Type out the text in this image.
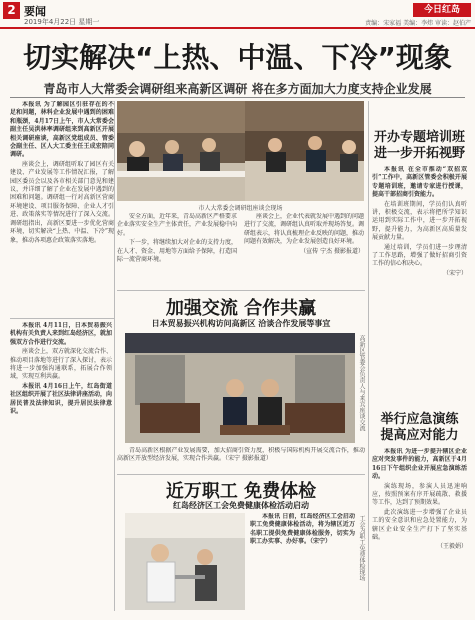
2 要闻
2019年4月22日 星期一
今日红岛
责编：宋家福 美编：李炜 审读：赵伯产
切实解决“上热、中温、下冷”现象
青岛市人大常委会调研组来高新区调研 将在多方面加大力度支持企业发展

本报讯 为了解园区引驻存在的不足和问题，林科企业发展中遇到的困难和瓶颈，4月17日上午，市人大常委会副主任吴洪林率调研组来到高新区开展相关调研座谈，高新区党组成员、管委会副主任、区人大工委主任王成宏陪同调研。

座谈会上，调研组听取了园区有关建设、产业发展等工作情况汇报，了解园区委员会以及各市相关部门意见和建议，并详细了解了企业在发展中遇到的困难和问题。调研组一行对高新区营商环境建设、项目服务保障、企业人才引进、政策落实等情况进行了深入交流。调研组指出，高新区要进一步优化营商环境，切实解决“上热、中温、下冷”现象，推动各项惠企政策落实落地。

市人大常委会调研组座谈会现场

安全方面，近年来，青岛高新区严格要求企业落实安全生产主体责任，产业发展稳中向好。

下一步，将继续加大对企业的支持力度，在人才、资金、用地等方面给予保障，打造国际一流营商环境。

座谈会上，企业代表就发展中遇到的问题进行了交流，调研组认真听取并现场答复。调研组表示，将认真梳理企业反映的问题，推动问题有效解决，为企业发展创造良好环境。

（宣传 宁杰 摄影报道）

开办专题培训班
进一步开拓视野

本报讯 在全市推动“双招双引”工作中，高新区管委会积极开展专题培训班，邀请专家进行授课，提高干部招商引资能力。

在培训班期间，学员们认真听讲，积极交流，表示将把所学知识运用到实际工作中，进一步开拓视野，提升能力，为高新区高质量发展贡献力量。

通过培训，学员们进一步理清了工作思路，增强了做好招商引资工作的信心和决心。

（宋宁）

举行应急演练
提高应对能力

本报讯 为进一步提升辖区企业应对突发事件的能力，高新区于4月16日下午组织企业开展应急演练活动。

演练现场，参演人员迅速响应，按照预案有序开展疏散、救援等工作，达到了预期效果。

此次演练进一步增强了企业员工的安全意识和应急处置能力，为辖区企业安全生产打下了坚实基础。

（王毅娟）

本报讯 4月11日，日本贸易振兴机构有关负责人来到红岛经济区，就加强双方合作进行交流。

座谈会上，双方就深化交流合作、推动项目落地等进行了深入探讨，表示将进一步加强沟通联系，拓展合作领域，实现互利共赢。

本报讯 4月16日上午，红岛街道社区组织开展了社区法律讲座活动，向居民普及法律知识，提升居民法律意识。

加强交流 合作共赢
日本贸易振兴机构访问高新区 洽谈合作发展等事宜
高新区管委会负责人与来宾座谈交流

青岛高新区根据产业发展需要，加大招商引资力度，积极与国际机构开展交流合作，推动高新区开放型经济发展，实现合作共赢。（宋宁 摄影报道）

近万职工 免费体检
红岛经济区工会免费健康体检活动启动

本报讯 日前，红岛经济区工会启动职工免费健康体检活动，将为辖区近万名职工提供免费健康体检服务，切实为职工办实事、办好事。（宋宁）	工会为职工免费体检现场
